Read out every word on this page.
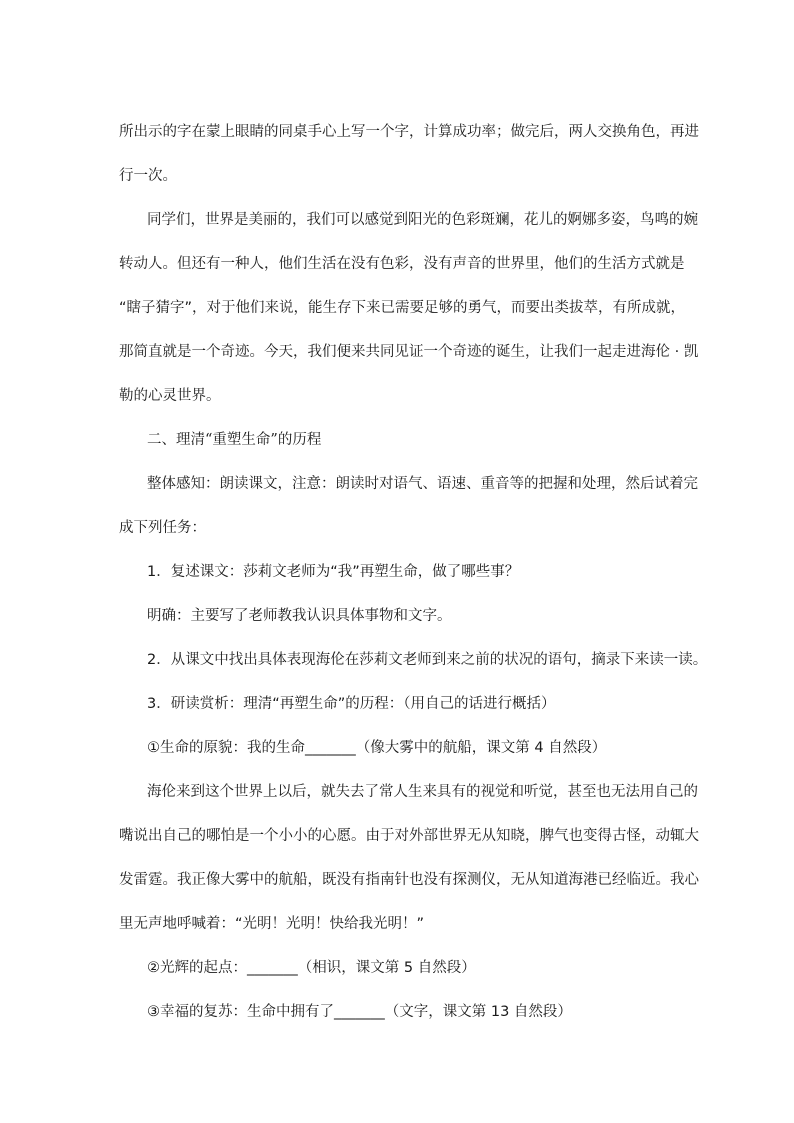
所出示的字在蒙上眼睛的同桌手心上写一个字，计算成功率；做完后，两人交换角色，再进
行一次。
同学们，世界是美丽的，我们可以感觉到阳光的色彩斑斓，花儿的婀娜多姿，鸟鸣的婉
转动人。但还有一种人，他们生活在没有色彩，没有声音的世界里，他们的生活方式就是
“瞎子猜字”，对于他们来说，能生存下来已需要足够的勇气，而要出类拔萃，有所成就，
那简直就是一个奇迹。今天，我们便来共同见证一个奇迹的诞生，让我们一起走进海伦 · 凯
勒的心灵世界。
二、理清“重塑生命”的历程
整体感知：朗读课文，注意：朗读时对语气、语速、重音等的把握和处理，然后试着完
成下列任务：
1．复述课文：莎莉文老师为“我”再塑生命，做了哪些事？
明确：主要写了老师教我认识具体事物和文字。
2．从课文中找出具体表现海伦在莎莉文老师到来之前的状况的语句，摘录下来读一读。
3．研读赏析：理清“再塑生命”的历程：（用自己的话进行概括）
①生命的原貌：我的生命_______（像大雾中的航船，课文第 4 自然段）
海伦来到这个世界上以后，就失去了常人生来具有的视觉和听觉，甚至也无法用自己的
嘴说出自己的哪怕是一个小小的心愿。由于对外部世界无从知晓，脾气也变得古怪，动辄大
发雷霆。我正像大雾中的航船，既没有指南针也没有探测仪，无从知道海港已经临近。我心
里无声地呼喊着：“光明！光明！快给我光明！”
②光辉的起点：_______（相识，课文第 5 自然段）
③幸福的复苏：生命中拥有了_______（文字，课文第 13 自然段）
